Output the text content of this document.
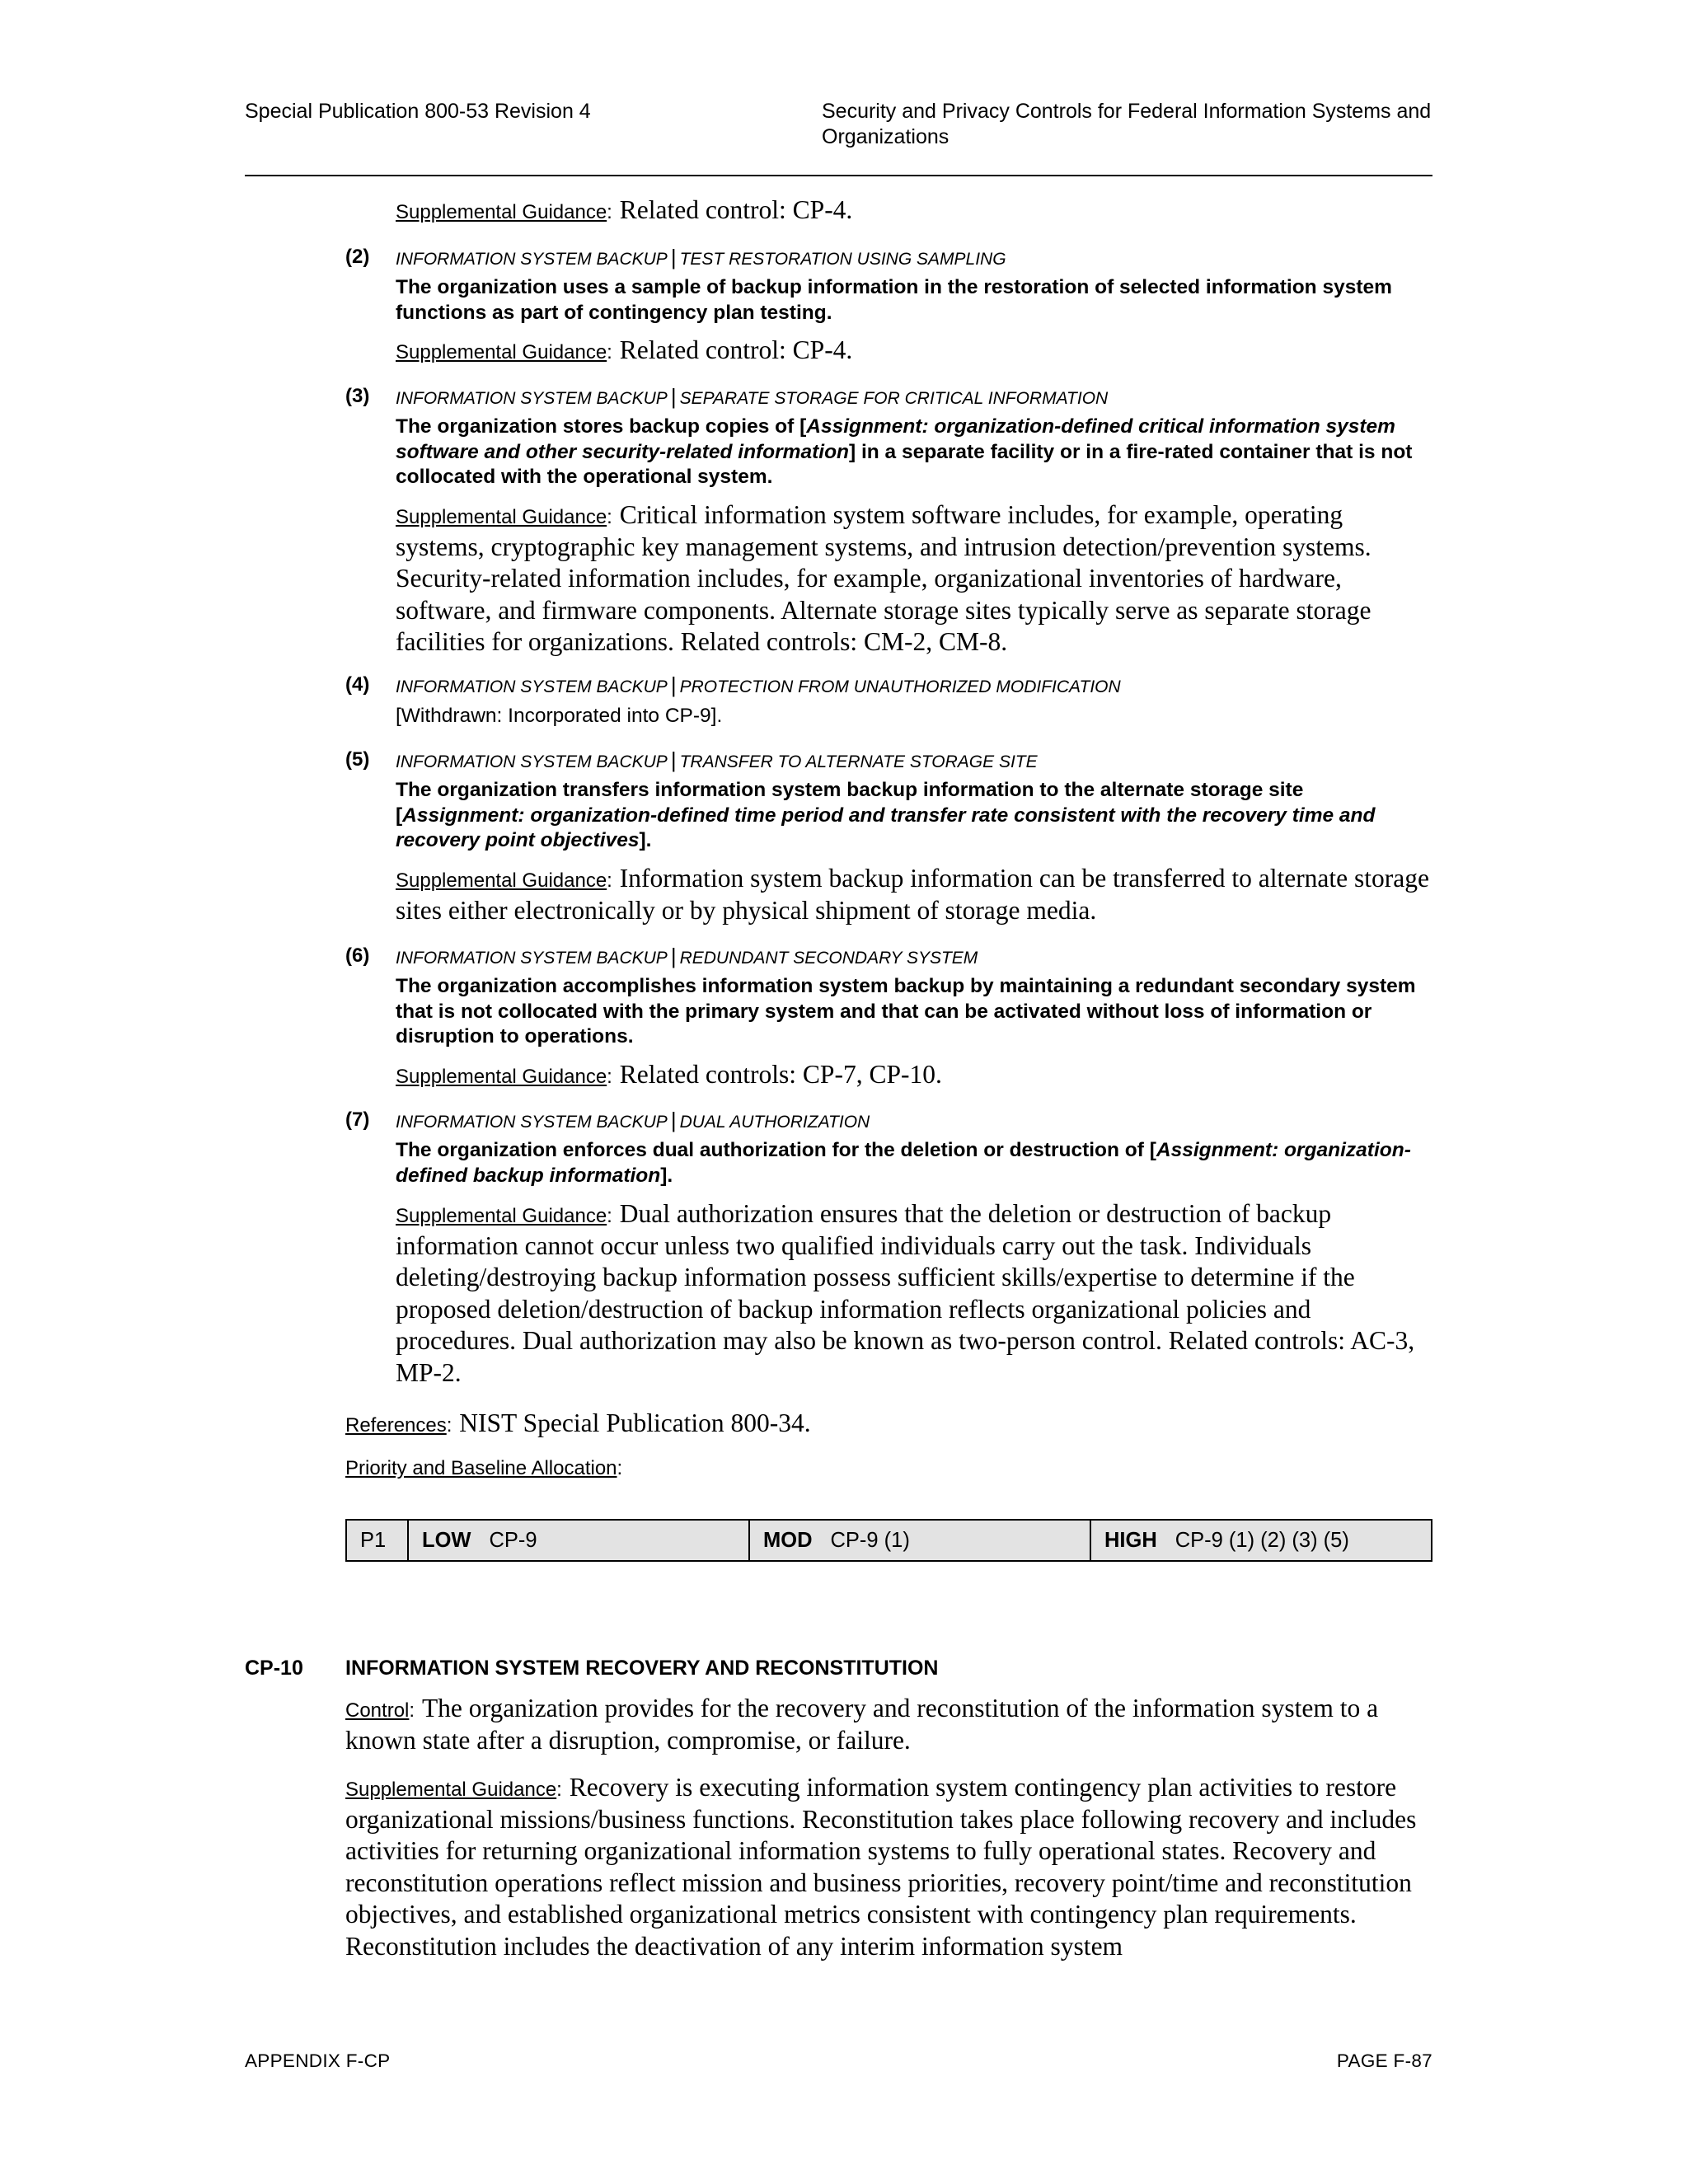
Special Publication 800-53 Revision 4	Security and Privacy Controls for Federal Information Systems and Organizations
Supplemental Guidance: Related control: CP-4.
(2) INFORMATION SYSTEM BACKUP | TEST RESTORATION USING SAMPLING

The organization uses a sample of backup information in the restoration of selected information system functions as part of contingency plan testing.

Supplemental Guidance: Related control: CP-4.
(3) INFORMATION SYSTEM BACKUP | SEPARATE STORAGE FOR CRITICAL INFORMATION

The organization stores backup copies of [Assignment: organization-defined critical information system software and other security-related information] in a separate facility or in a fire-rated container that is not collocated with the operational system.

Supplemental Guidance: Critical information system software includes, for example, operating systems, cryptographic key management systems, and intrusion detection/prevention systems. Security-related information includes, for example, organizational inventories of hardware, software, and firmware components. Alternate storage sites typically serve as separate storage facilities for organizations. Related controls: CM-2, CM-8.
(4) INFORMATION SYSTEM BACKUP | PROTECTION FROM UNAUTHORIZED MODIFICATION
[Withdrawn: Incorporated into CP-9].
(5) INFORMATION SYSTEM BACKUP | TRANSFER TO ALTERNATE STORAGE SITE

The organization transfers information system backup information to the alternate storage site [Assignment: organization-defined time period and transfer rate consistent with the recovery time and recovery point objectives].

Supplemental Guidance: Information system backup information can be transferred to alternate storage sites either electronically or by physical shipment of storage media.
(6) INFORMATION SYSTEM BACKUP | REDUNDANT SECONDARY SYSTEM

The organization accomplishes information system backup by maintaining a redundant secondary system that is not collocated with the primary system and that can be activated without loss of information or disruption to operations.

Supplemental Guidance: Related controls: CP-7, CP-10.
(7) INFORMATION SYSTEM BACKUP | DUAL AUTHORIZATION

The organization enforces dual authorization for the deletion or destruction of [Assignment: organization-defined backup information].

Supplemental Guidance: Dual authorization ensures that the deletion or destruction of backup information cannot occur unless two qualified individuals carry out the task. Individuals deleting/destroying backup information possess sufficient skills/expertise to determine if the proposed deletion/destruction of backup information reflects organizational policies and procedures. Dual authorization may also be known as two-person control. Related controls: AC-3, MP-2.
References: NIST Special Publication 800-34.
Priority and Baseline Allocation:
P1 LOW CP-9	MOD CP-9 (1)	HIGH CP-9 (1) (2) (3) (5)
CP-10 INFORMATION SYSTEM RECOVERY AND RECONSTITUTION
Control: The organization provides for the recovery and reconstitution of the information system to a known state after a disruption, compromise, or failure.
Supplemental Guidance: Recovery is executing information system contingency plan activities to restore organizational missions/business functions. Reconstitution takes place following recovery and includes activities for returning organizational information systems to fully operational states. Recovery and reconstitution operations reflect mission and business priorities, recovery point/time and reconstitution objectives, and established organizational metrics consistent with contingency plan requirements. Reconstitution includes the deactivation of any interim information system
APPENDIX F-CP	PAGE F-87
